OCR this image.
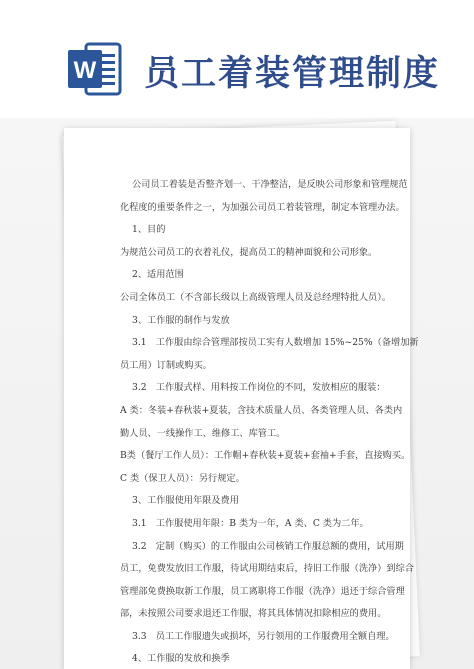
W 员工着装管理制度
公司员工着装是否整齐划一、干净整洁，是反映公司形象和管理规范
化程度的重要条件之一，为加强公司员工着装管理，制定本管理办法。
1、目的
为规范公司员工的衣着礼仪，提高员工的精神面貌和公司形象。
2、适用范围
公司全体员工（不含部长级以上高级管理人员及总经理特批人员）。
3、工作服的制作与发放
3.1　工作服由综合管理部按员工实有人数增加 15%~25%（备增加新
员工用）订制或购买。
3.2　工作服式样、用料按工作岗位的不同，发放相应的服装：
A 类：冬装+春秋装+夏装，含技术质量人员、各类管理人员、各类内
勤人员、一线操作工、维修工、库管工。
B类（餐厅工作人员）：工作帽+春秋装+夏装+套袖+手套，直接购买。
C 类（保卫人员）：另行规定。
3、工作服使用年限及费用
3.1　工作服使用年限：B 类为一年，A 类、C 类为二年。
3.2　定制（购买）的工作服由公司核销工作服总额的费用，试用期
员工，免费发放旧工作服，待试用期结束后，持旧工作服（洗净）到综合
管理部免费换取新工作服，员工离职将工作服（洗净）退还于综合管理
部，未按照公司要求退还工作服，将其具体情况扣除相应的费用。
3.3　员工工作服遗失或损坏，另行领用的工作服费用全额自理。
4、工作服的发放和换季
